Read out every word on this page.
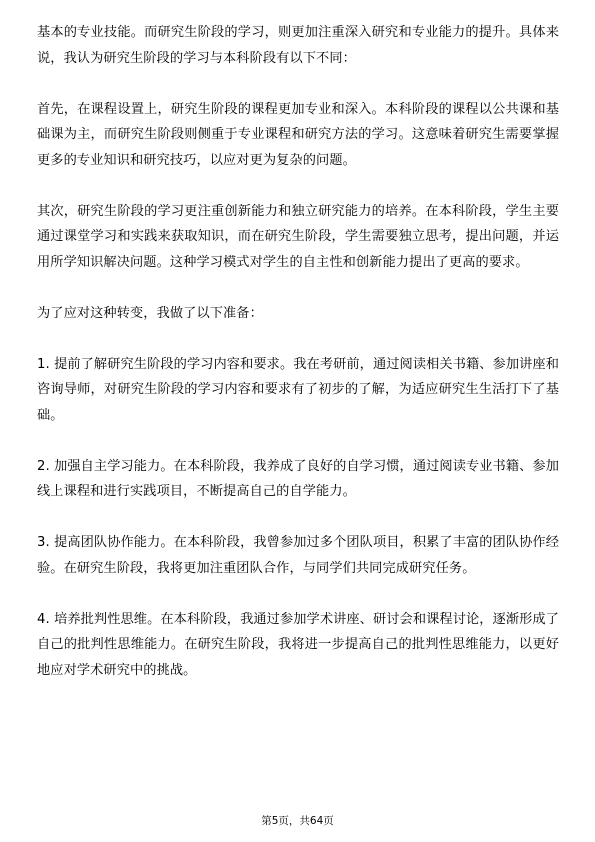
基本的专业技能。而研究生阶段的学习，则更加注重深入研究和专业能力的提升。具体来说，我认为研究生阶段的学习与本科阶段有以下不同：

首先，在课程设置上，研究生阶段的课程更加专业和深入。本科阶段的课程以公共课和基础课为主，而研究生阶段则侧重于专业课程和研究方法的学习。这意味着研究生需要掌握更多的专业知识和研究技巧，以应对更为复杂的问题。

其次，研究生阶段的学习更注重创新能力和独立研究能力的培养。在本科阶段，学生主要通过课堂学习和实践来获取知识，而在研究生阶段，学生需要独立思考，提出问题，并运用所学知识解决问题。这种学习模式对学生的自主性和创新能力提出了更高的要求。

为了应对这种转变，我做了以下准备：

1. 提前了解研究生阶段的学习内容和要求。我在考研前，通过阅读相关书籍、参加讲座和咨询导师，对研究生阶段的学习内容和要求有了初步的了解，为适应研究生生活打下了基础。

2. 加强自主学习能力。在本科阶段，我养成了良好的自学习惯，通过阅读专业书籍、参加线上课程和进行实践项目，不断提高自己的自学能力。

3. 提高团队协作能力。在本科阶段，我曾参加过多个团队项目，积累了丰富的团队协作经验。在研究生阶段，我将更加注重团队合作，与同学们共同完成研究任务。

4. 培养批判性思维。在本科阶段，我通过参加学术讲座、研讨会和课程讨论，逐渐形成了自己的批判性思维能力。在研究生阶段，我将进一步提高自己的批判性思维能力，以更好地应对学术研究中的挑战。

第5页，共64页
